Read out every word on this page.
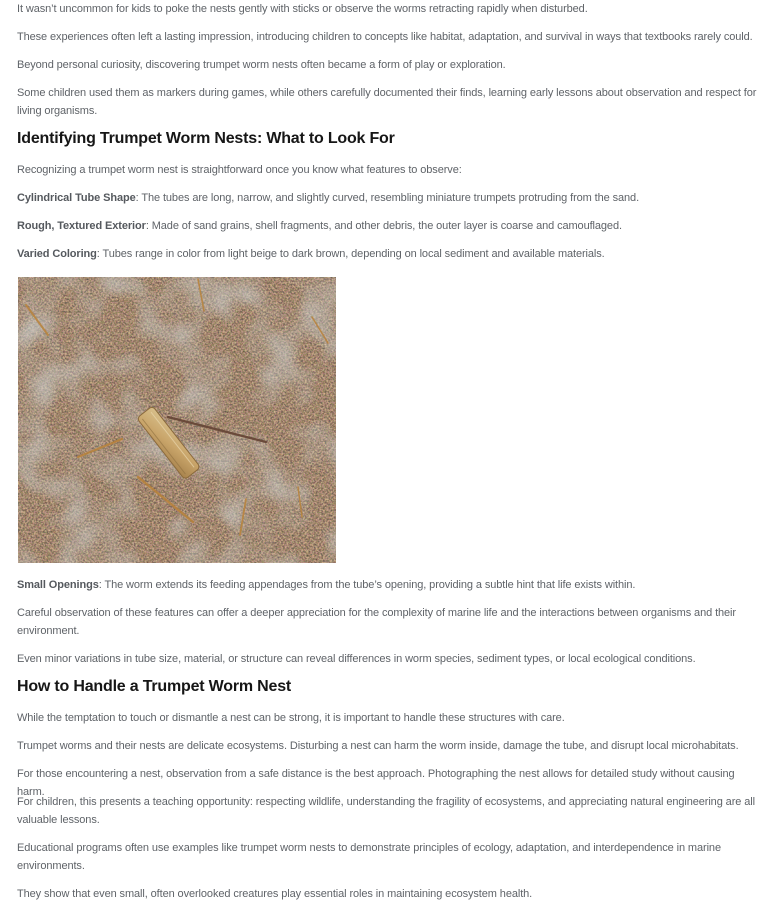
It wasn’t uncommon for kids to poke the nests gently with sticks or observe the worms retracting rapidly when disturbed.

These experiences often left a lasting impression, introducing children to concepts like habitat, adaptation, and survival in ways that textbooks rarely could.

Beyond personal curiosity, discovering trumpet worm nests often became a form of play or exploration.

Some children used them as markers during games, while others carefully documented their finds, learning early lessons about observation and respect for living organisms.

Identifying Trumpet Worm Nests: What to Look For

Recognizing a trumpet worm nest is straightforward once you know what features to observe:

Cylindrical Tube Shape: The tubes are long, narrow, and slightly curved, resembling miniature trumpets protruding from the sand.

Rough, Textured Exterior: Made of sand grains, shell fragments, and other debris, the outer layer is coarse and camouflaged.

Varied Coloring: Tubes range in color from light beige to dark brown, depending on local sediment and available materials.

Small Openings: The worm extends its feeding appendages from the tube’s opening, providing a subtle hint that life exists within.

Careful observation of these features can offer a deeper appreciation for the complexity of marine life and the interactions between organisms and their environment.

Even minor variations in tube size, material, or structure can reveal differences in worm species, sediment types, or local ecological conditions.

How to Handle a Trumpet Worm Nest

While the temptation to touch or dismantle a nest can be strong, it is important to handle these structures with care.

Trumpet worms and their nests are delicate ecosystems. Disturbing a nest can harm the worm inside, damage the tube, and disrupt local microhabitats.

For those encountering a nest, observation from a safe distance is the best approach. Photographing the nest allows for detailed study without causing harm.

For children, this presents a teaching opportunity: respecting wildlife, understanding the fragility of ecosystems, and appreciating natural engineering are all valuable lessons.

Educational programs often use examples like trumpet worm nests to demonstrate principles of ecology, adaptation, and interdependence in marine environments.

They show that even small, often overlooked creatures play essential roles in maintaining ecosystem health.
